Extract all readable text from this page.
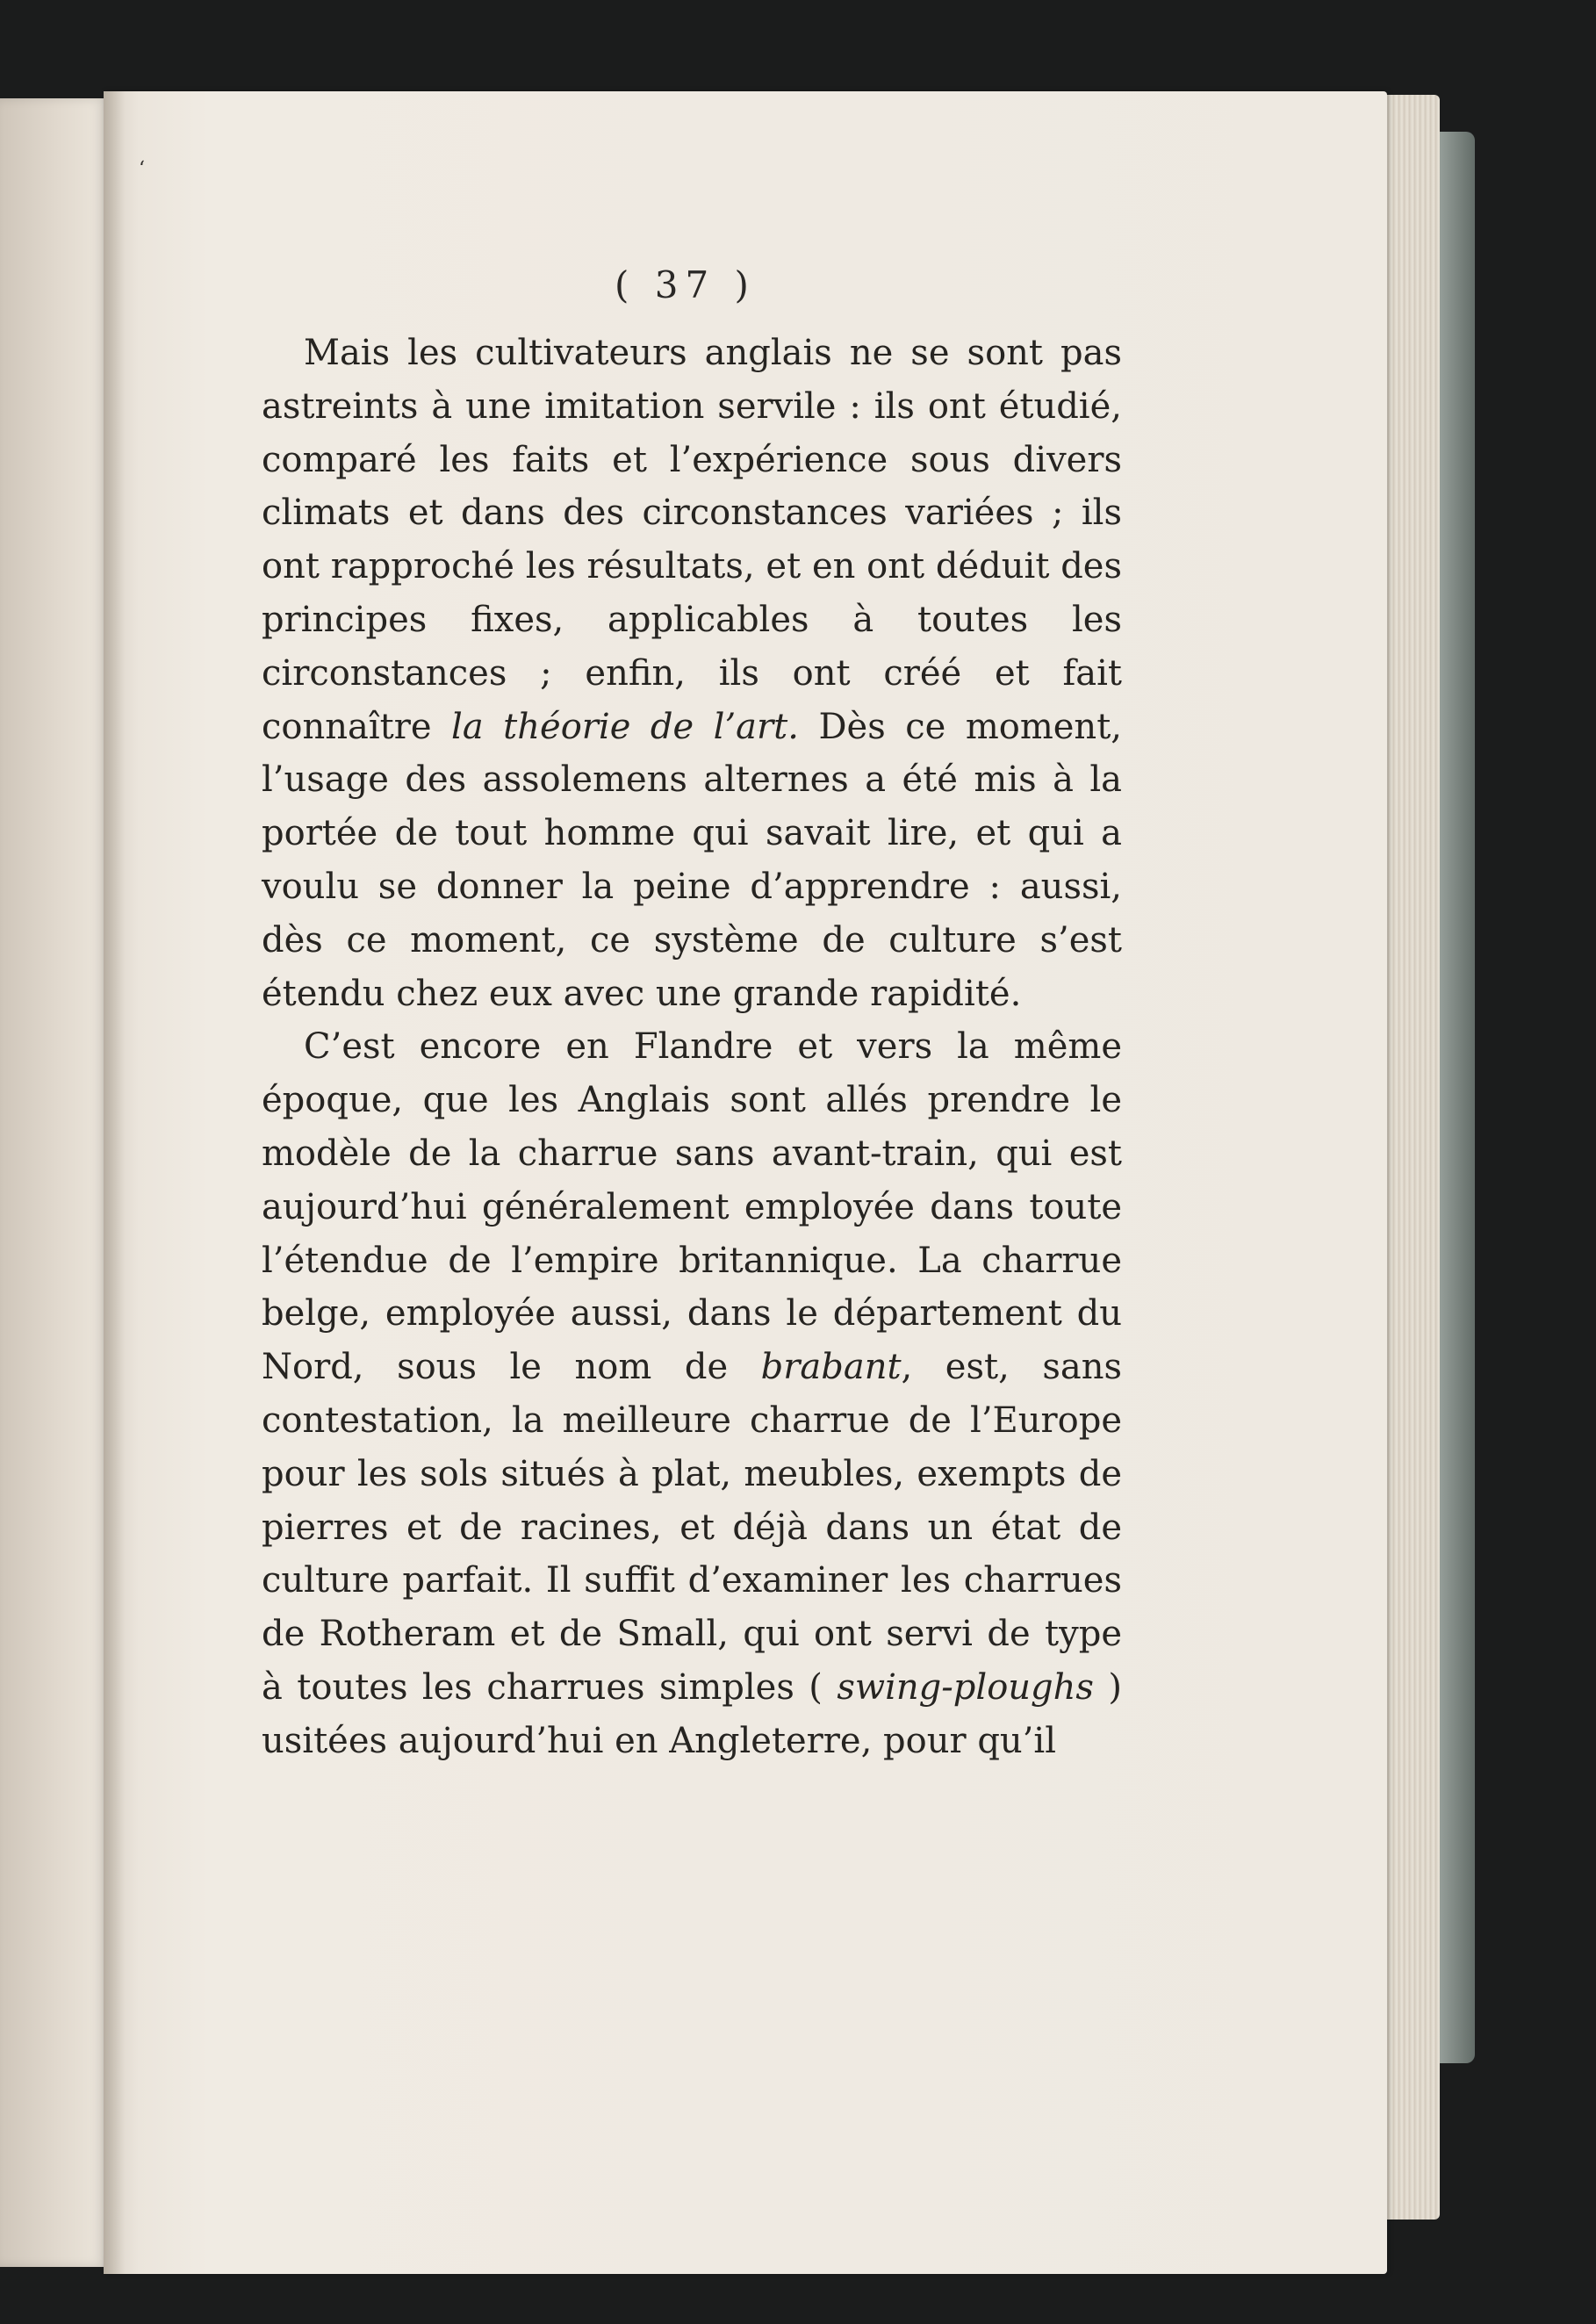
‘
( 37 )

Mais les cultivateurs anglais ne se sont pas astreints à une imitation servile : ils ont étudié, comparé les faits et l’expérience sous divers climats et dans des circonstances variées ; ils ont rapproché les résultats, et en ont déduit des principes fixes, applicables à toutes les circonstances ; enfin, ils ont créé et fait connaître la théorie de l’art. Dès ce moment, l’usage des assolemens alternes a été mis à la portée de tout homme qui savait lire, et qui a voulu se donner la peine d’apprendre : aussi, dès ce moment, ce système de culture s’est étendu chez eux avec une grande rapidité.

C’est encore en Flandre et vers la même époque, que les Anglais sont allés prendre le modèle de la charrue sans avant-train, qui est aujourd’hui généralement employée dans toute l’étendue de l’empire britannique. La charrue belge, employée aussi, dans le département du Nord, sous le nom de brabant, est, sans contestation, la meilleure charrue de l’Europe pour les sols situés à plat, meubles, exempts de pierres et de racines, et déjà dans un état de culture parfait. Il suffit d’examiner les charrues de Rotheram et de Small, qui ont servi de type à toutes les charrues simples ( swing-ploughs ) usitées aujourd’hui en Angleterre, pour qu’il
